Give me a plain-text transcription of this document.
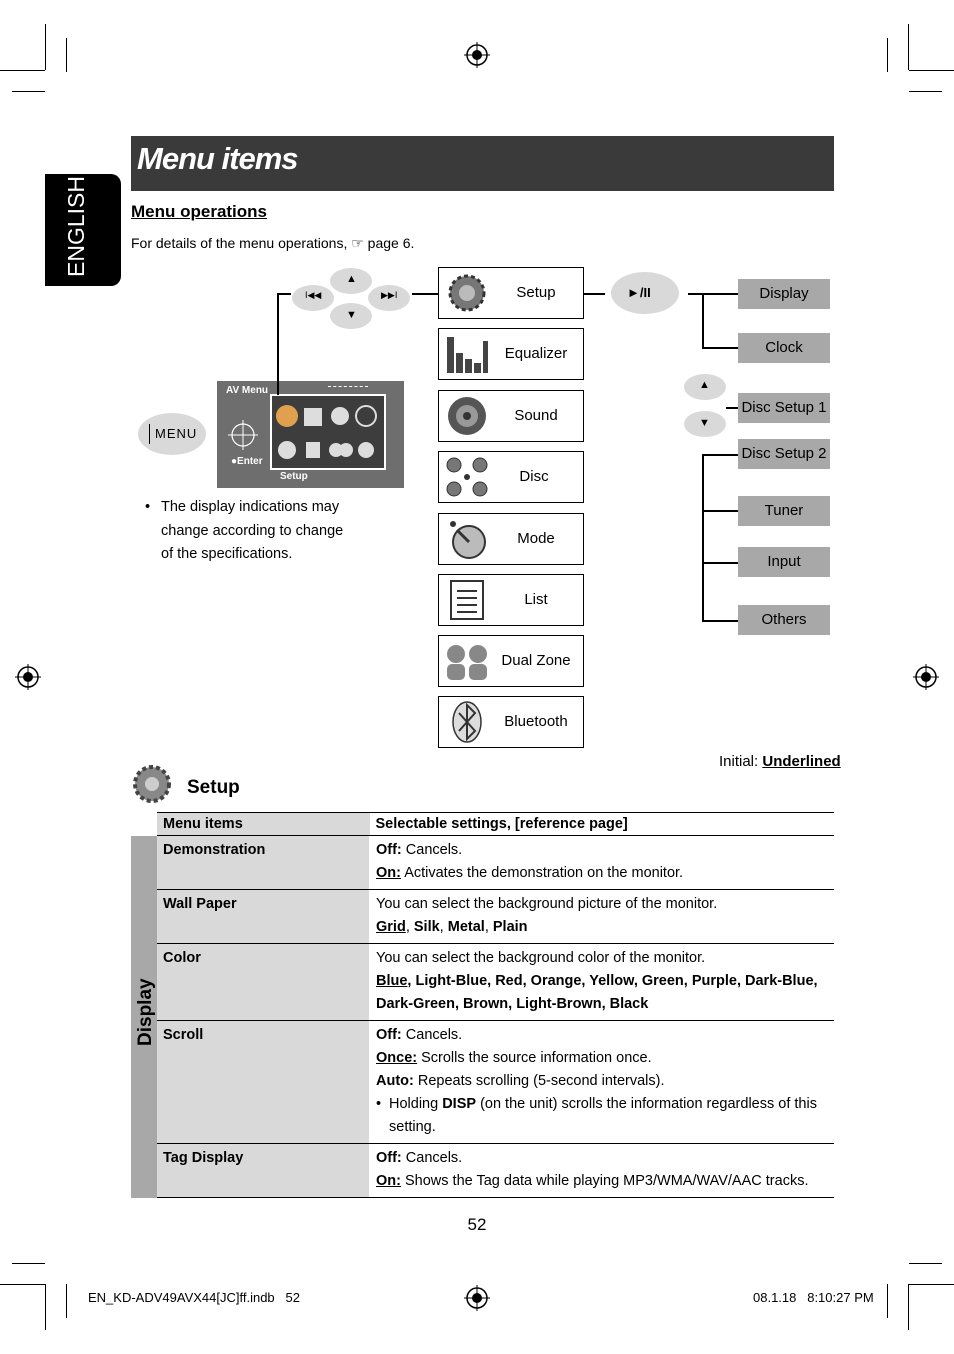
Menu items
ENGLISH Menu operations
For details of the menu operations, ☞ page 6.
MENU
AV Menu
●Enter
Setup
• The display indications may change according to change of the specifications.
I◀◀
▲
▶▶I
▼
Setup
Equalizer
Sound
Disc
Mode
List
Dual Zone
Bluetooth
►/II
▲
▼
Display
Clock
Disc Setup 1
Disc Setup 2
Tuner
Input
Others
Initial: Underlined
Setup
	Menu items	Selectable settings, [reference page]

Display	Demonstration	Off: Cancels.
On: Activates the demonstration on the monitor.

	Wall Paper	You can select the background picture of the monitor.
Grid, Silk, Metal, Plain

	Color	You can select the background color of the monitor.
Blue, Light-Blue, Red, Orange, Yellow, Green, Purple, Dark-Blue,
Dark-Green, Brown, Light-Brown, Black

	Scroll	Off: Cancels.
Once: Scrolls the source information once.
Auto: Repeats scrolling (5-second intervals).
• Holding DISP (on the unit) scrolls the information regardless of this setting.

	Tag Display	Off: Cancels.
On: Shows the Tag data while playing MP3/WMA/WAV/AAC tracks.
52
EN_KD-ADV49AVX44[JC]ff.indb   52	08.1.18   8:10:27 PM
